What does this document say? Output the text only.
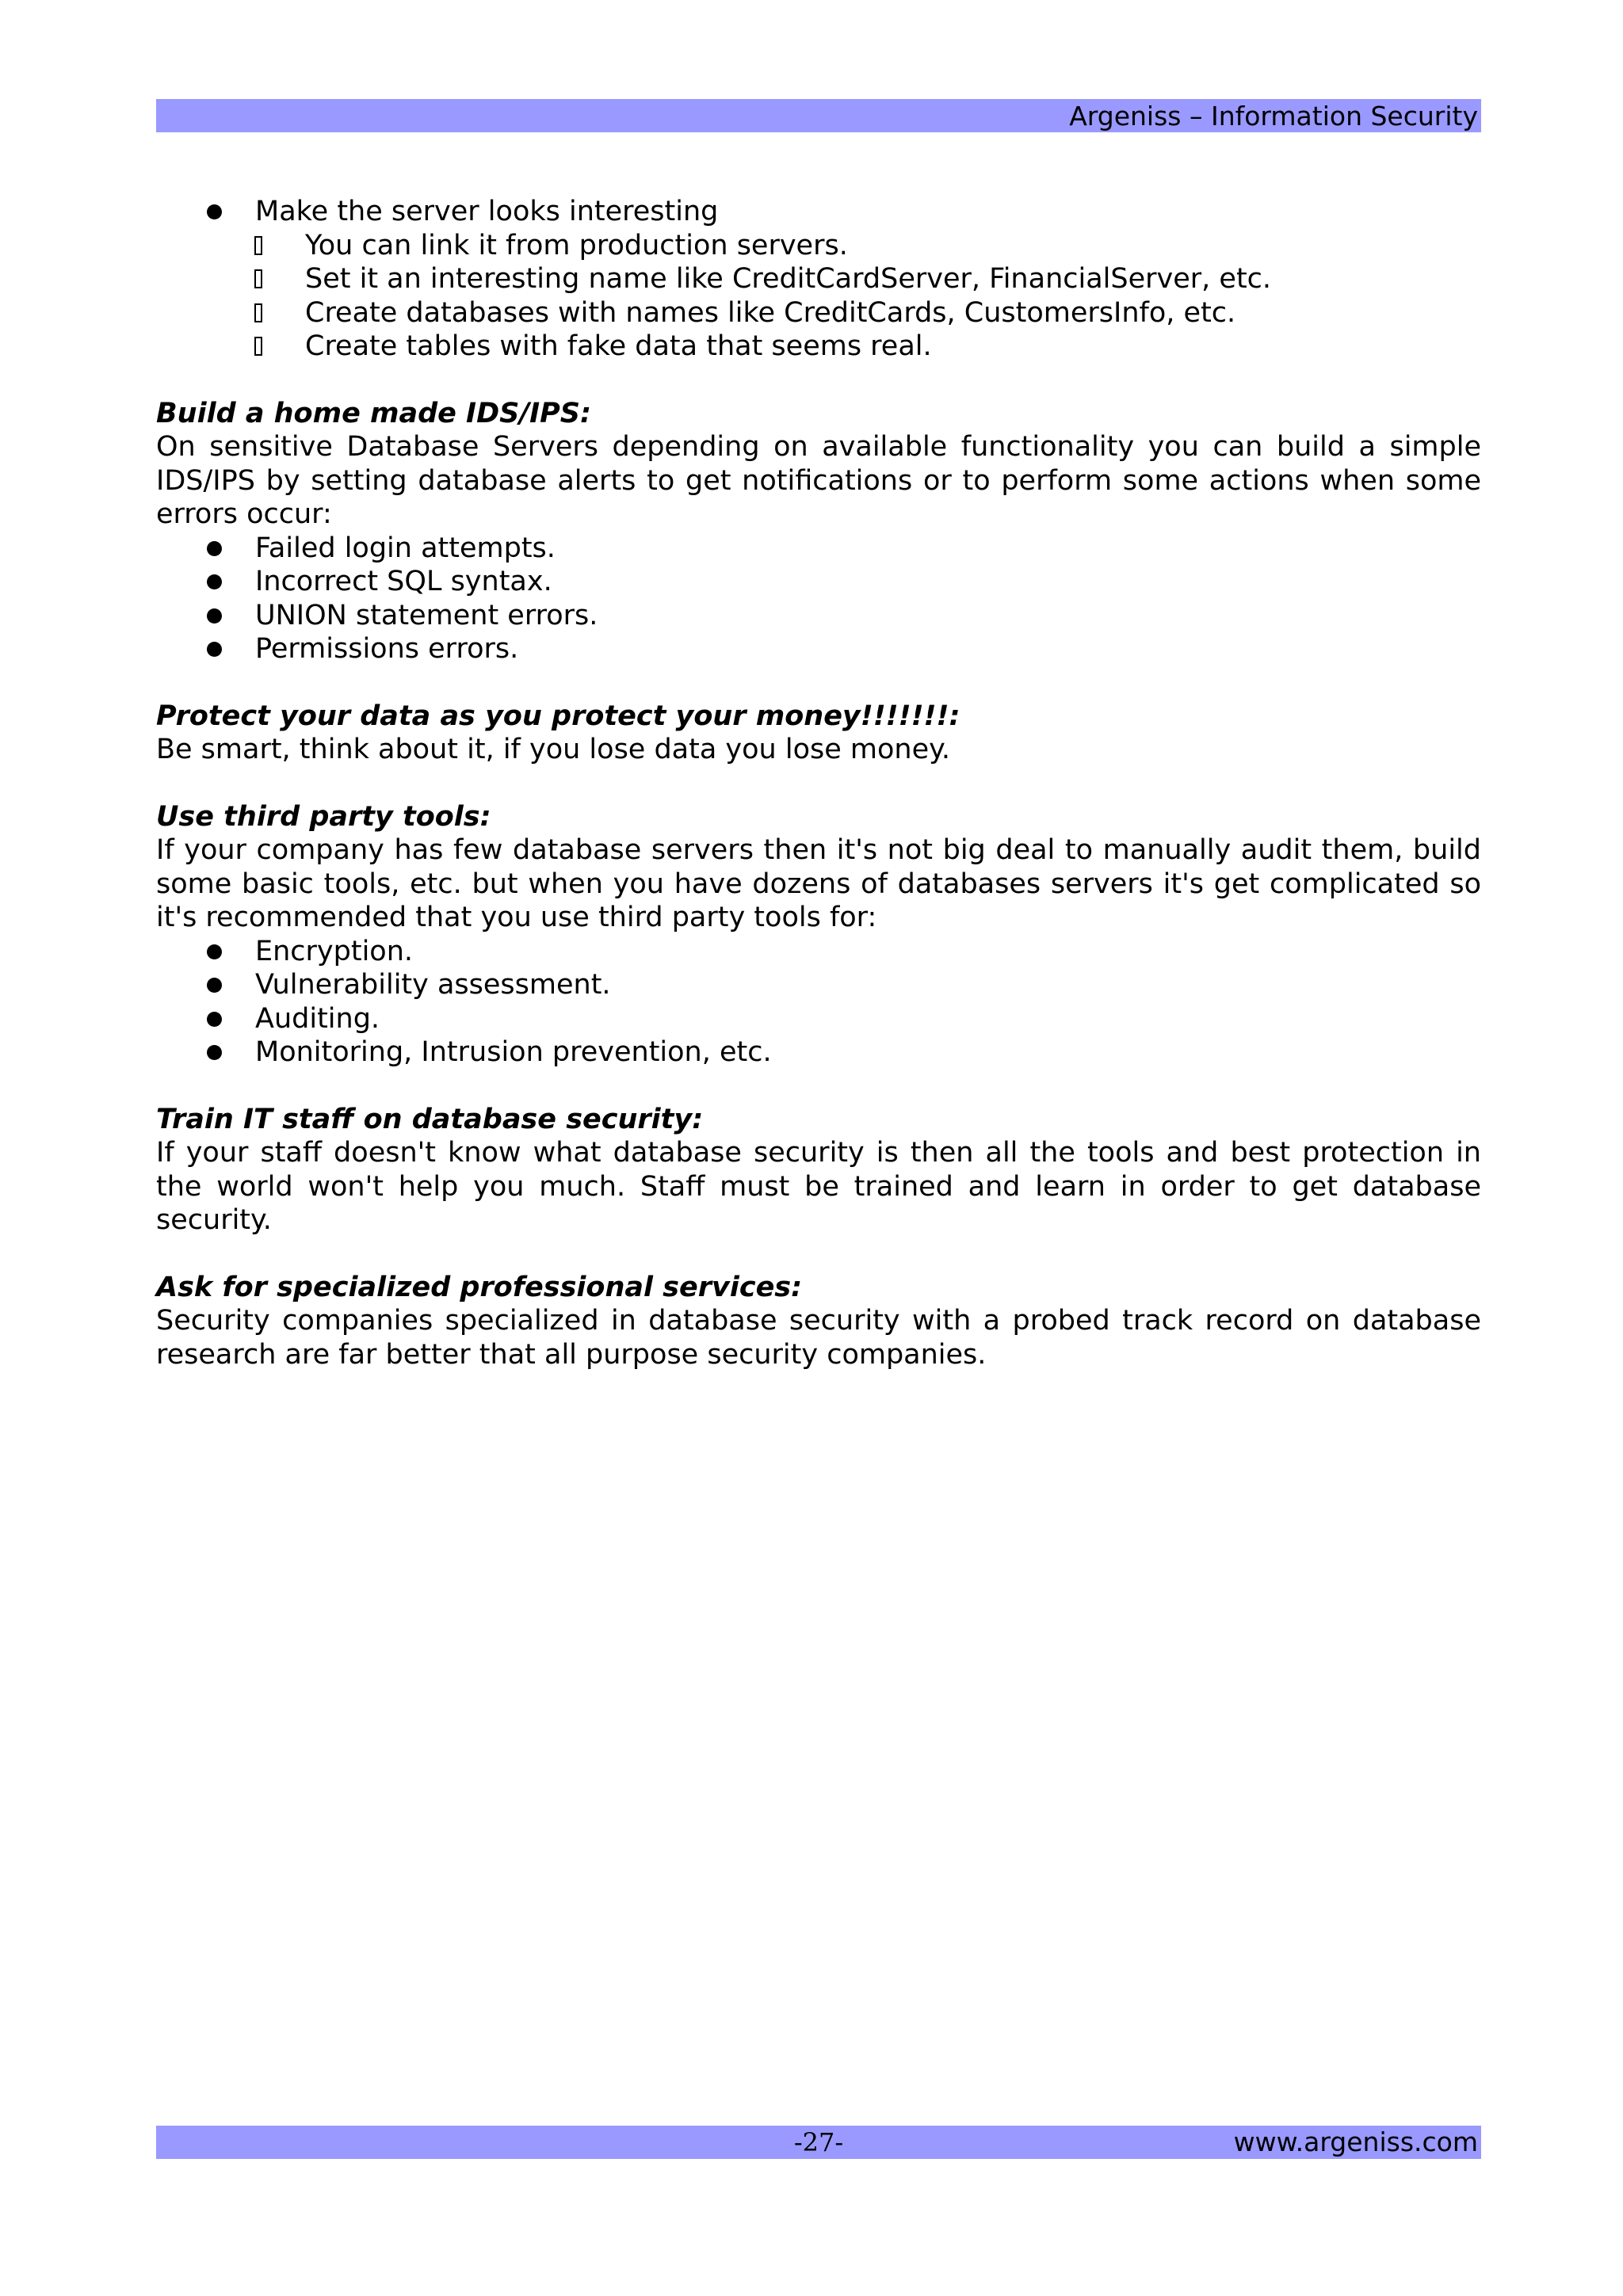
Argeniss – Information Security
Make the server looks interesting
You can link it from production servers.
Set it an interesting name like CreditCardServer, FinancialServer, etc.
Create databases with names like CreditCards, CustomersInfo, etc.
Create tables with fake data that seems real.
Build a home made IDS/IPS:
On sensitive Database Servers depending on available functionality you can build a simple IDS/IPS by setting database alerts to get notifications or to perform some actions when some errors occur:
Failed login attempts.
Incorrect SQL syntax.
UNION statement errors.
Permissions errors.
Protect your data as you protect your money!!!!!!!:
Be smart, think about it, if you lose data you lose money.
Use third party tools:
If your company has few database servers then it's not big deal to manually audit them, build some basic tools, etc. but when you have dozens of databases servers it's get complicated so it's recommended that you use third party tools for:
Encryption.
Vulnerability assessment.
Auditing.
Monitoring, Intrusion prevention, etc.
Train IT staff on database security:
If your staff doesn't know what database security is then all the tools and best protection in the world won't help you much. Staff must be trained and learn in order to get database security.
Ask for specialized professional services:
Security companies specialized in database security with a probed track record on database research are far better that all purpose security companies.
-27-	www.argeniss.com
